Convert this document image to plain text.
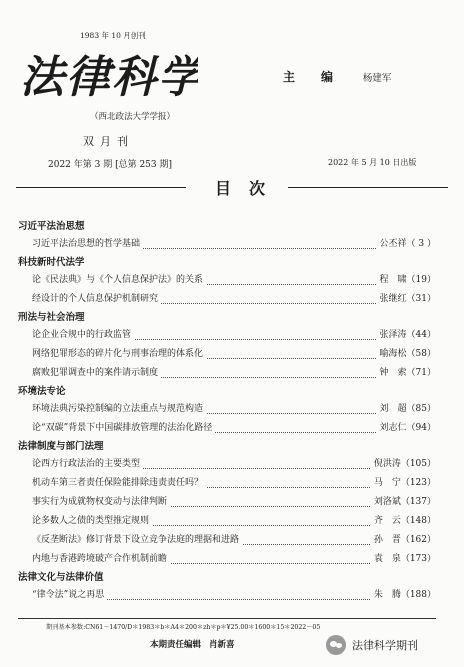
1983 年 10 月创刊
法律科学
（西北政法大学学报）
双月刊
2022 年第 3 期 [总第 253 期]
主编 杨建军
2022 年 5 月 10 日出版
目次
习近平法治思想
习近平法治思想的哲学基础	公丕祥（ 3 ）
科技新时代法学
论《民法典》与《个人信息保护法》的关系	程　啸（19）
经设计的个人信息保护机制研究	张继红（31）
刑法与社会治理
论企业合规中的行政监管	张泽涛（44）
网络犯罪形态的碎片化与刑事治理的体系化	喻海松（58）
腐败犯罪调查中的案件请示制度	钟　索（71）
环境法专论
环境法典污染控制编的立法重点与规范构造	刘　超（85）
论“双碳”背景下中国碳排放管理的法治化路径	刘志仁（94）
法律制度与部门法理
论西方行政法治的主要类型	倪洪涛（105）
机动车第三者责任保险能排除违责责任吗？	马　宁（123）
事实行为成就物权变动与法律判断	刘洛斌（137）
论多数人之债的类型推定规则	齐　云（148）
《反垄断法》修订背景下设立竞争法庭的理据和进路	孙　晋（162）
内地与香港跨境破产合作机制前瞻	袁　泉（173）
法律文化与法律价值
“律令法”说之再思	朱　腾（188）
期刊基本参数:CN61－1470/D＊1983＊b＊A4＊200＊zh＊p＊¥25.00＊1600＊15＊2022－05
本期责任编辑 肖新喜	法律科学期刊
